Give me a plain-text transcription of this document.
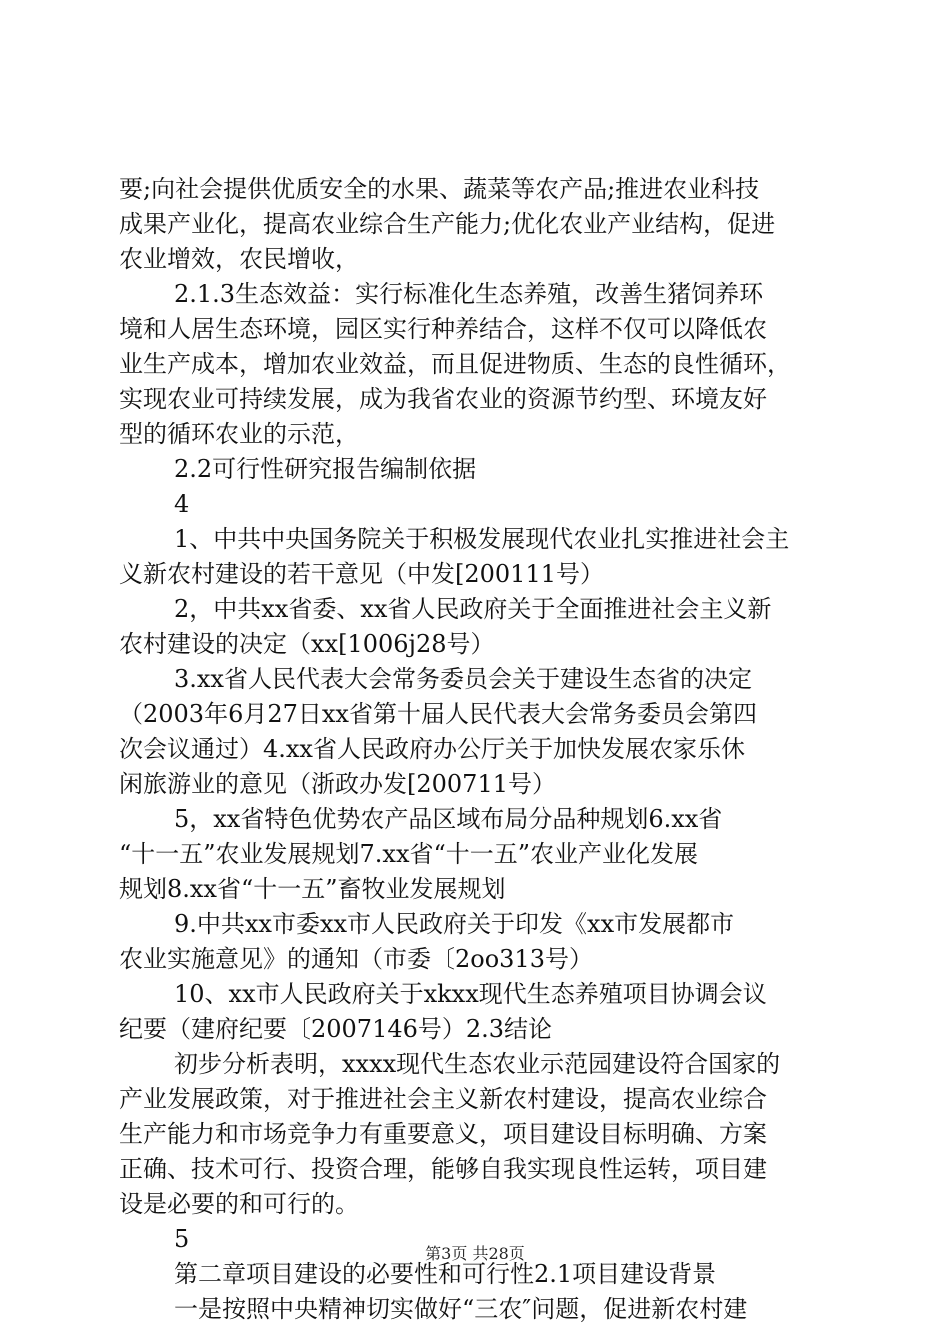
要;向社会提供优质安全的水果、蔬菜等农产品;推进农业科技
成果产业化，提高农业综合生产能力;优化农业产业结构，促进
农业增效，农民增收，
2.1.3生态效益：实行标准化生态养殖，改善生猪饲养环
境和人居生态环境，园区实行种养结合，这样不仅可以降低农
业生产成本，增加农业效益，而且促进物质、生态的良性循环，
实现农业可持续发展，成为我省农业的资源节约型、环境友好
型的循环农业的示范，
2.2可行性研究报告编制依据
4
1、中共中央国务院关于积极发展现代农业扎实推进社会主
义新农村建设的若干意见（中发[200111号）
2，中共xx省委、xx省人民政府关于全面推进社会主义新
农村建设的决定（xx[1006j28号）
3.xx省人民代表大会常务委员会关于建设生态省的决定
（2003年6月27日xx省第十届人民代表大会常务委员会第四
次会议通过）4.xx省人民政府办公厅关于加快发展农家乐休
闲旅游业的意见（浙政办发[200711号）
5，xx省特色优势农产品区域布局分品种规划6.xx省
“十一五”农业发展规划7.xx省“十一五”农业产业化发展
规划8.xx省“十一五”畜牧业发展规划
9.中共xx市委xx市人民政府关于印发《xx市发展都市
农业实施意见》的通知（市委〔2oo313号）
10、xx市人民政府关于xkxx现代生态养殖项目协调会议
纪要（建府纪要〔2007146号）2.3结论
初步分析表明，xxxx现代生态农业示范园建设符合国家的
产业发展政策，对于推进社会主义新农村建设，提高农业综合
生产能力和市场竞争力有重要意义，项目建设目标明确、方案
正确、技术可行、投资合理，能够自我实现良性运转，项目建
设是必要的和可行的。
5
第二章项目建设的必要性和可行性2.1项目建设背景
一是按照中央精神切实做好“三农″问题，促进新农村建
第3页 共28页
